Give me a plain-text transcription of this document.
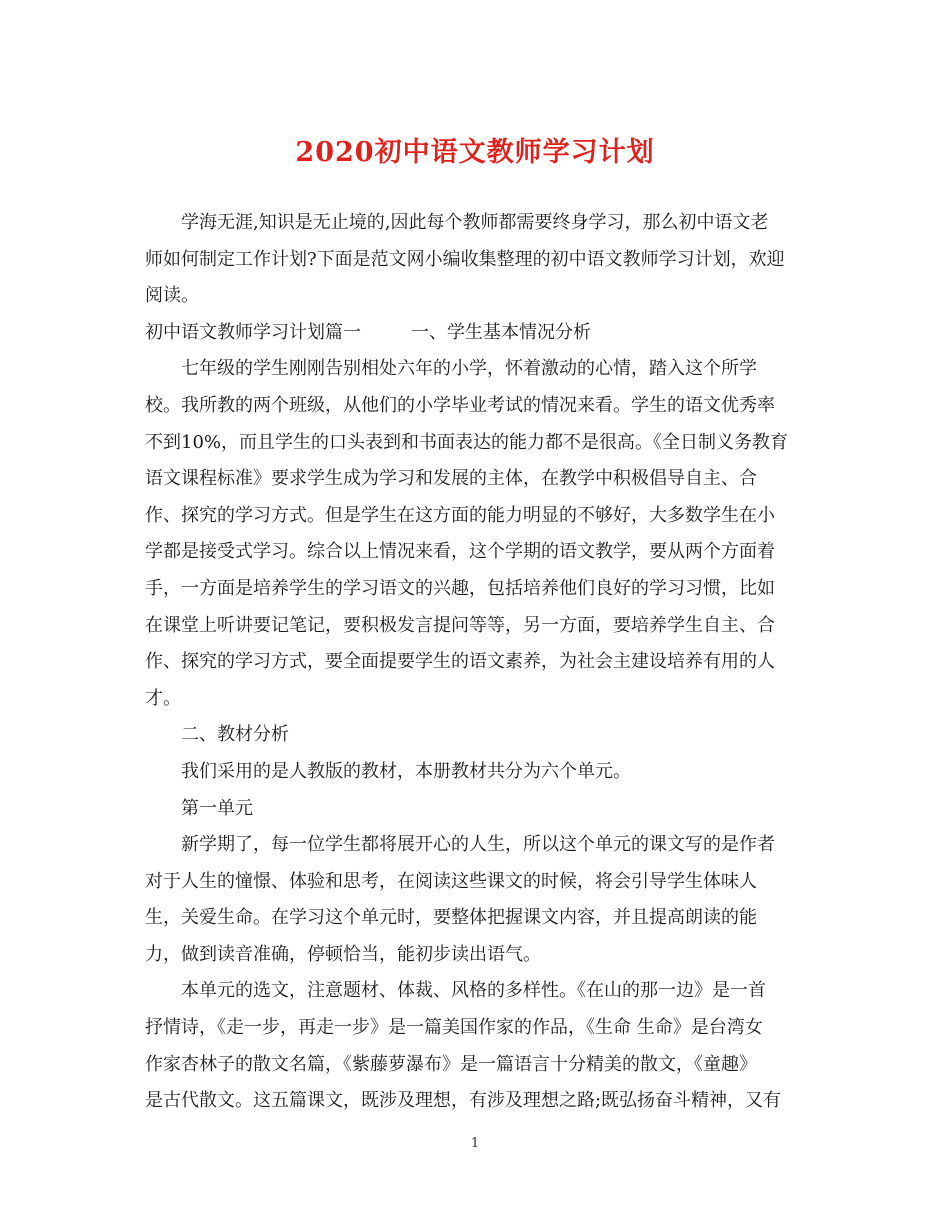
2020初中语文教师学习计划
学海无涯,知识是无止境的,因此每个教师都需要终身学习，那么初中语文老
师如何制定工作计划?下面是范文网小编收集整理的初中语文教师学习计划，欢迎
阅读。
初中语文教师学习计划篇一	一、学生基本情况分析
七年级的学生刚刚告别相处六年的小学，怀着激动的心情，踏入这个所学
校。我所教的两个班级，从他们的小学毕业考试的情况来看。学生的语文优秀率
不到10%，而且学生的口头表到和书面表达的能力都不是很高。《全日制义务教育
语文课程标准》要求学生成为学习和发展的主体，在教学中积极倡导自主、合
作、探究的学习方式。但是学生在这方面的能力明显的不够好，大多数学生在小
学都是接受式学习。综合以上情况来看，这个学期的语文教学，要从两个方面着
手，一方面是培养学生的学习语文的兴趣，包括培养他们良好的学习习惯，比如
在课堂上听讲要记笔记，要积极发言提问等等，另一方面，要培养学生自主、合
作、探究的学习方式，要全面提要学生的语文素养，为社会主建设培养有用的人
才。
二、教材分析
我们采用的是人教版的教材，本册教材共分为六个单元。
第一单元
新学期了，每一位学生都将展开心的人生，所以这个单元的课文写的是作者
对于人生的憧憬、体验和思考，在阅读这些课文的时候，将会引导学生体味人
生，关爱生命。在学习这个单元时，要整体把握课文内容，并且提高朗读的能
力，做到读音准确，停顿恰当，能初步读出语气。
本单元的选文，注意题材、体裁、风格的多样性。《在山的那一边》是一首
抒情诗，《走一步，再走一步》是一篇美国作家的作品，《生命 生命》是台湾女
作家杏林子的散文名篇，《紫藤萝瀑布》是一篇语言十分精美的散文，《童趣》
是古代散文。这五篇课文，既涉及理想，有涉及理想之路;既弘扬奋斗精神，又有
1
